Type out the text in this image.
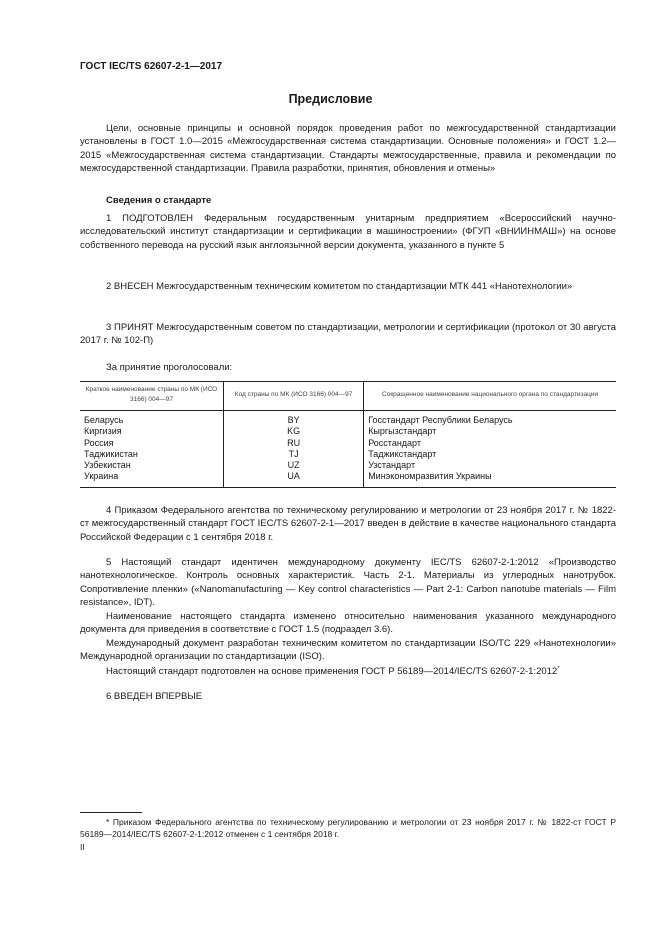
ГОСТ IEC/TS 62607-2-1—2017
Предисловие

Цели, основные принципы и основной порядок проведения работ по межгосударственной стандартизации установлены в ГОСТ 1.0—2015 «Межгосударственная система стандартизации. Основные положения» и ГОСТ 1.2—2015 «Межгосударственная система стандартизации. Стандарты межгосударственные, правила и рекомендации по межгосударственной стандартизации. Правила разработки, принятия, обновления и отмены»

Сведения о стандарте

1 ПОДГОТОВЛЕН Федеральным государственным унитарным предприятием «Всероссийский научно-исследовательский институт стандартизации и сертификации в машиностроении» (ФГУП «ВНИИНМАШ») на основе собственного перевода на русский язык англоязычной версии документа, указанного в пункте 5

2 ВНЕСЕН Межгосударственным техническим комитетом по стандартизации МТК 441 «Нанотехнологии»

3 ПРИНЯТ Межгосударственным советом по стандартизации, метрологии и сертификации (протокол от 30 августа 2017 г. № 102-П)

За принятие проголосовали:

Краткое наименование страны по МК (ИСО 3166) 004—97	Код страны по МК (ИСО 3166) 004—97	Сокращенное наименование национального органа по стандартизации
Беларусь	BY	Госстандарт Республики Беларусь
Киргизия	KG	Кыргызстандарт
Россия	RU	Росстандарт
Таджикистан	TJ	Таджикстандарт
Узбекистан	UZ	Узстандарт
Украина	UA	Минэкономразвития Украины

4 Приказом Федерального агентства по техническому регулированию и метрологии от 23 ноября 2017 г. № 1822-ст межгосударственный стандарт ГОСТ IEC/TS 62607-2-1—2017 введен в действие в качестве национального стандарта Российской Федерации с 1 сентября 2018 г.

5 Настоящий стандарт идентичен международному документу IEC/TS 62607-2-1:2012 «Производство нанотехнологическое. Контроль основных характеристик. Часть 2-1. Материалы из углеродных нанотрубок. Сопротивление пленки» («Nanomanufacturing — Key control characteristics — Part 2-1: Carbon nanotube materials — Film resistance», IDT).

Наименование настоящего стандарта изменено относительно наименования указанного международного документа для приведения в соответствие с ГОСТ 1.5 (подраздел 3.6).

Международный документ разработан техническим комитетом по стандартизации ISO/TC 229 «Нанотехнологии» Международной организации по стандартизации (ISO).

Настоящий стандарт подготовлен на основе применения ГОСТ Р 56189—2014/IEC/TS 62607-2-1:2012*

6 ВВЕДЕН ВПЕРВЫЕ

* Приказом Федерального агентства по техническому регулированию и метрологии от 23 ноября 2017 г. № 1822-ст ГОСТ Р 56189—2014/IEC/TS 62607-2-1:2012 отменен с 1 сентября 2018 г.

II
